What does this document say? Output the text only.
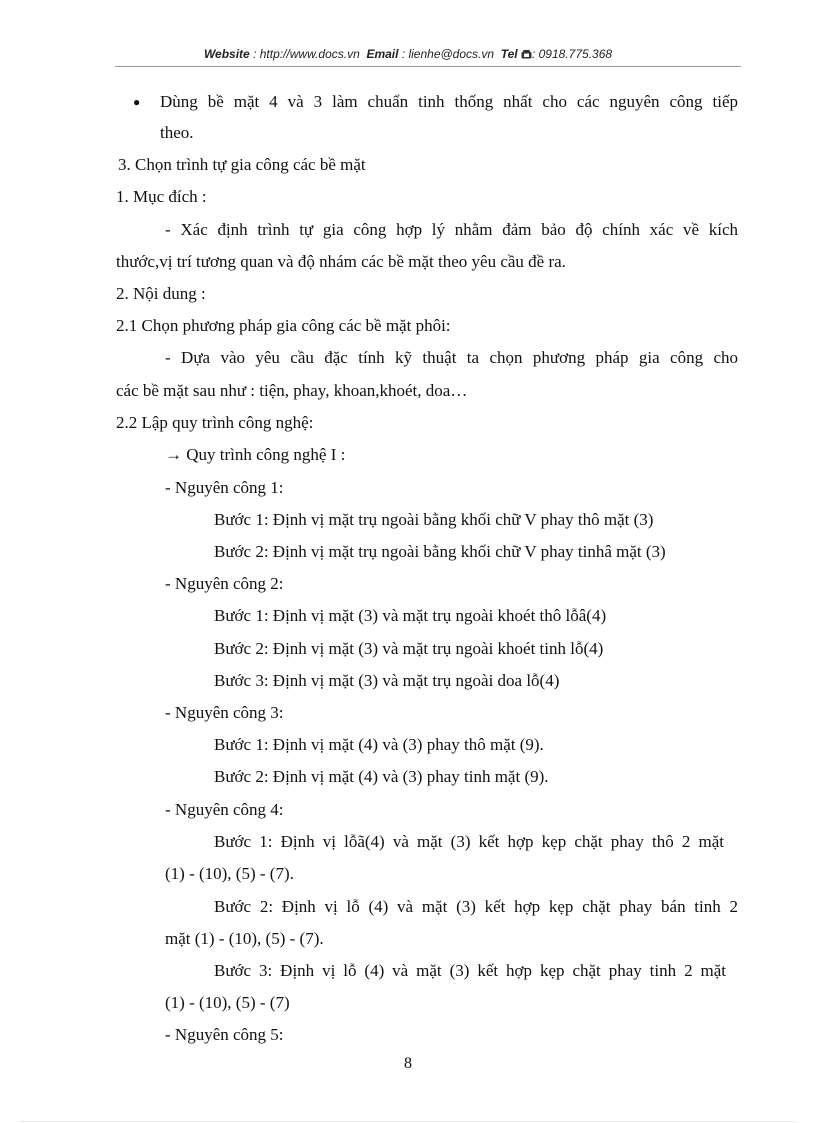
Website : http://www.docs.vn Email : lienhe@docs.vn Tel : 0918.775.368
● Dùng bề mặt 4 và 3 làm chuẩn tinh thống nhất cho các nguyên công tiếp
theo.
3. Chọn trình tự gia công các bề mặt
1. Mục đích :
- Xác định trình tự gia công hợp lý nhằm đảm bảo độ chính xác về kích
thước,vị trí tương quan và độ nhám các bề mặt theo yêu cầu đề ra.
2. Nội dung :
2.1 Chọn phương pháp gia công các bề mặt phôi:
- Dựa vào yêu cầu đặc tính kỹ thuật ta chọn phương pháp gia công cho
các bề mặt sau như : tiện, phay, khoan,khoét, doa…
2.2 Lập quy trình công nghệ:
→ Quy trình công nghệ I :
- Nguyên công 1:
Bước 1: Định vị mặt trụ ngoài bằng khối chữ V phay thô mặt (3)
Bước 2: Định vị mặt trụ ngoài bằng khối chữ V phay tinhâ mặt (3)
- Nguyên công 2:
Bước 1: Định vị mặt (3) và mặt trụ ngoài khoét thô lỗâ(4)
Bước 2: Định vị mặt (3) và mặt trụ ngoài khoét tinh lỗ(4)
Bước 3: Định vị mặt (3) và mặt trụ ngoài doa lỗ(4)
- Nguyên công 3:
Bước 1: Định vị mặt (4) và (3) phay thô mặt (9).
Bước 2: Định vị mặt (4) và (3) phay tinh mặt (9).
- Nguyên công 4:
Bước 1: Định vị lỗã(4) và mặt (3) kết hợp kẹp chặt phay thô 2 mặt
(1) - (10), (5) - (7).
Bước 2: Định vị lỗ (4) và mặt (3) kết hợp kẹp chặt phay bán tinh 2
mặt (1) - (10), (5) - (7).
Bước 3: Định vị lỗ (4) và mặt (3) kết hợp kẹp chặt phay tinh 2 mặt
(1) - (10), (5) - (7)
- Nguyên công 5:
8
